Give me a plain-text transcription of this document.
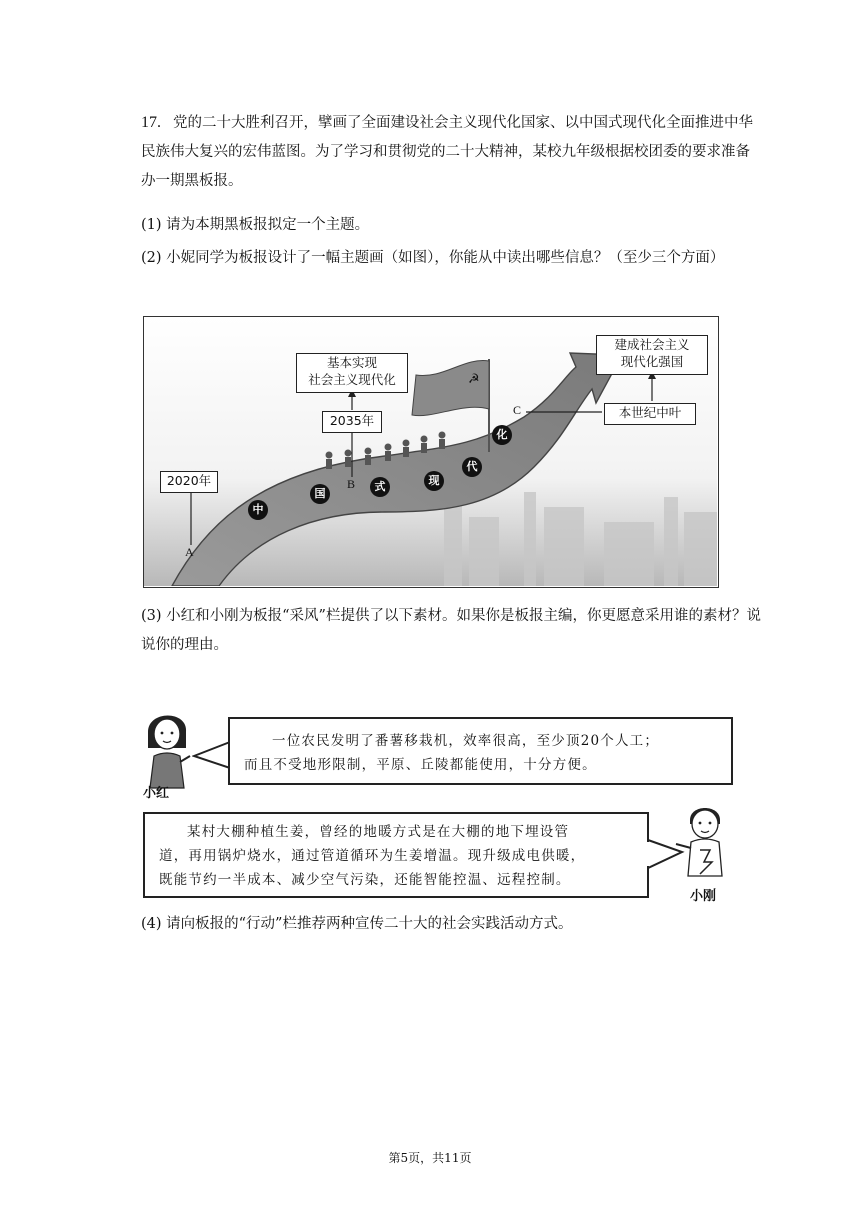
17. 党的二十大胜利召开，擘画了全面建设社会主义现代化国家、以中国式现代化全面推进中华民族伟大复兴的宏伟蓝图。为了学习和贯彻党的二十大精神，某校九年级根据校团委的要求准备办一期黑板报。

(1) 请为本期黑板报拟定一个主题。

(2) 小妮同学为板报设计了一幅主题画（如图），你能从中读出哪些信息？（至少三个方面）

☭
2020年
2035年
基本实现
社会主义现代化
建成社会主义
现代化强国
本世纪中叶
A
B
C
中
国
式	现
代
化

(3) 小红和小刚为板报“采风”栏提供了以下素材。如果你是板报主编，你更愿意采用谁的素材？说说你的理由。

小红
一位农民发明了番薯移栽机，效率很高，至少顶20个人工；
而且不受地形限制，平原、丘陵都能使用，十分方便。
某村大棚种植生姜，曾经的地暖方式是在大棚的地下埋设管
道，再用锅炉烧水，通过管道循环为生姜增温。现升级成电供暖，
既能节约一半成本、减少空气污染，还能智能控温、远程控制。
小刚

(4) 请向板报的“行动”栏推荐两种宣传二十大的社会实践活动方式。

第5页，共11页
